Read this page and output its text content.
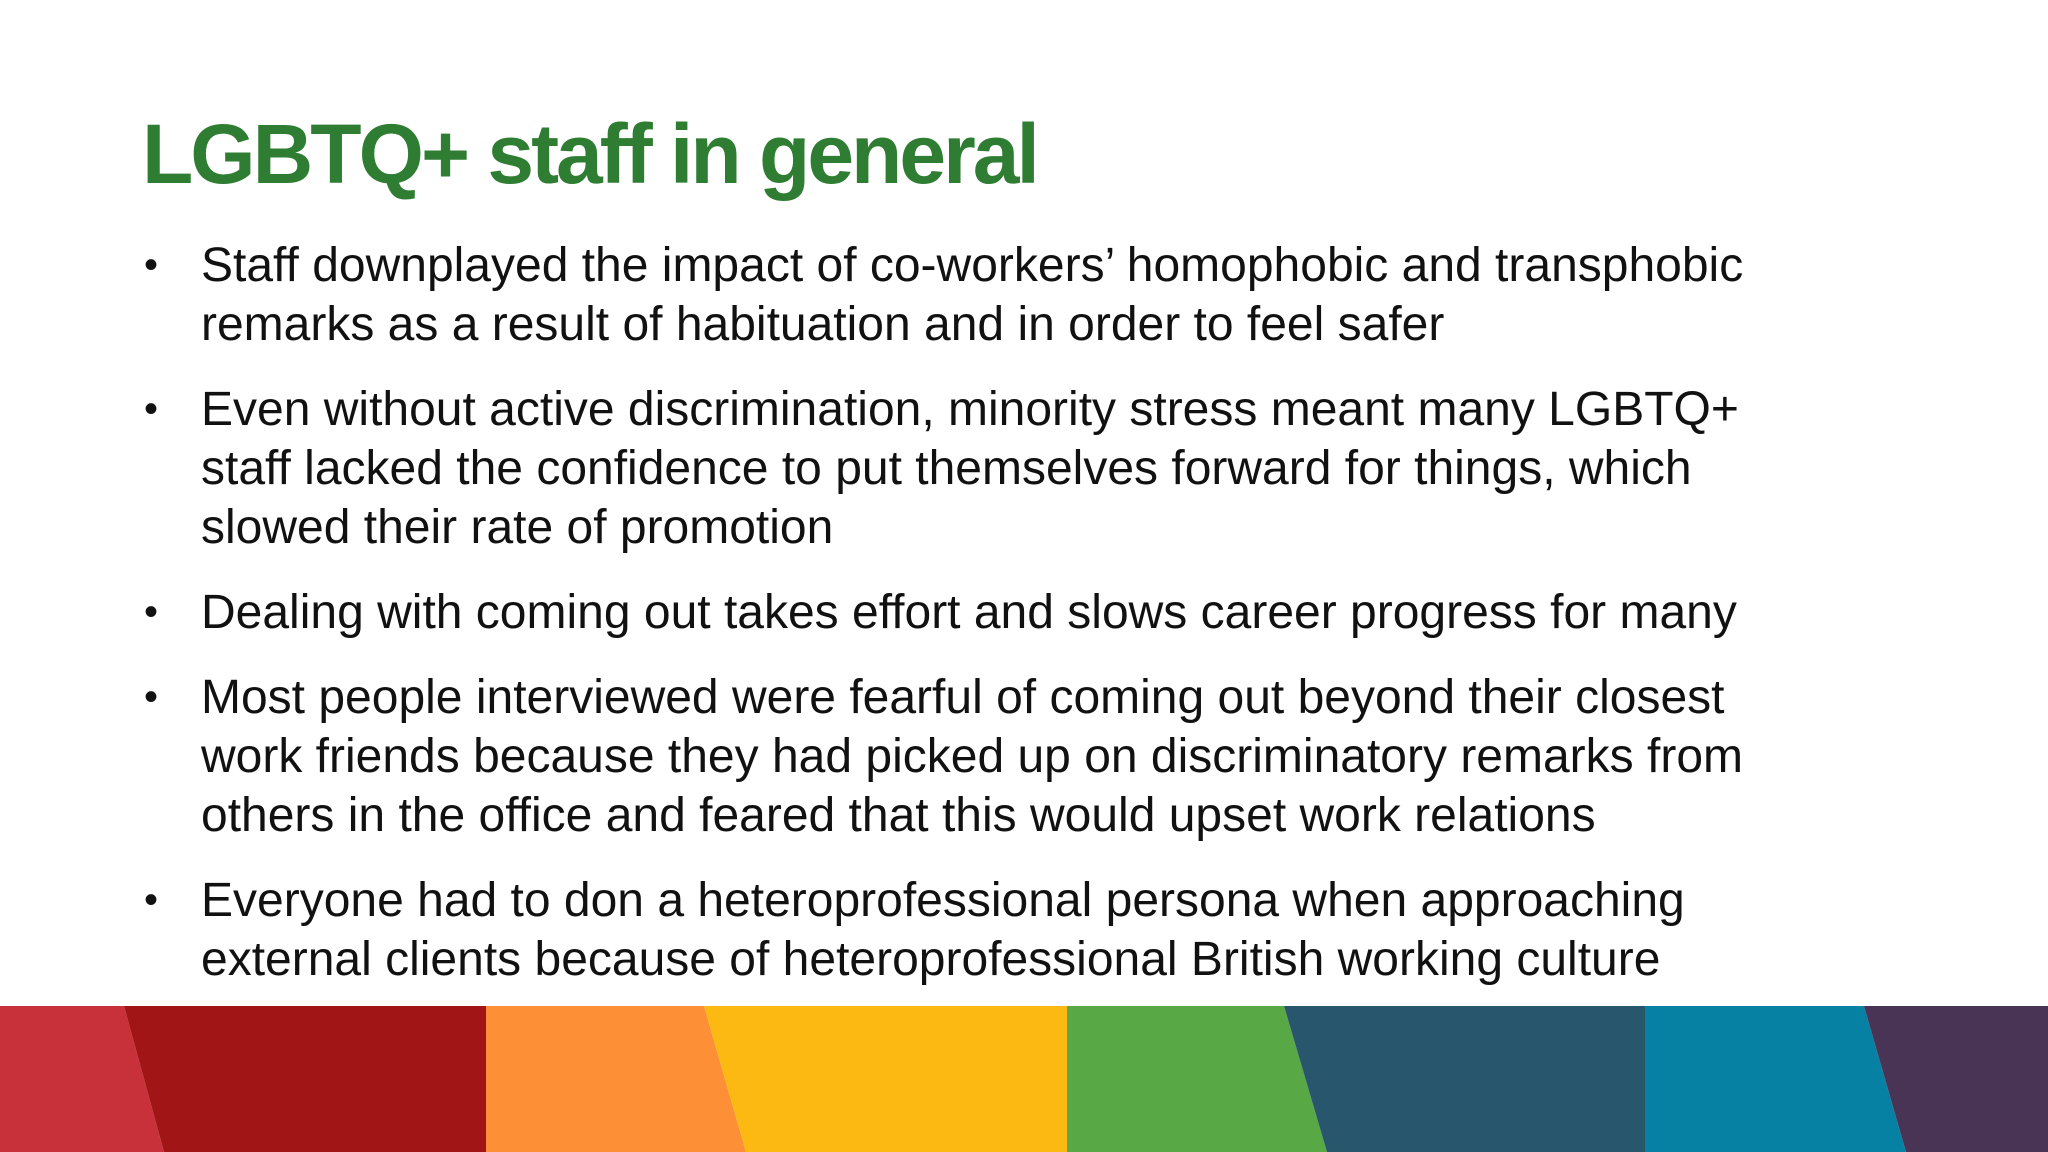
LGBTQ+ staff in general
• Staff downplayed the impact of co-workers’ homophobic and transphobic
remarks as a result of habituation and in order to feel safer
• Even without active discrimination, minority stress meant many LGBTQ+
staff lacked the confidence to put themselves forward for things, which
slowed their rate of promotion
• Dealing with coming out takes effort and slows career progress for many
• Most people interviewed were fearful of coming out beyond their closest
work friends because they had picked up on discriminatory remarks from
others in the office and feared that this would upset work relations
• Everyone had to don a heteroprofessional persona when approaching
external clients because of heteroprofessional British working culture
